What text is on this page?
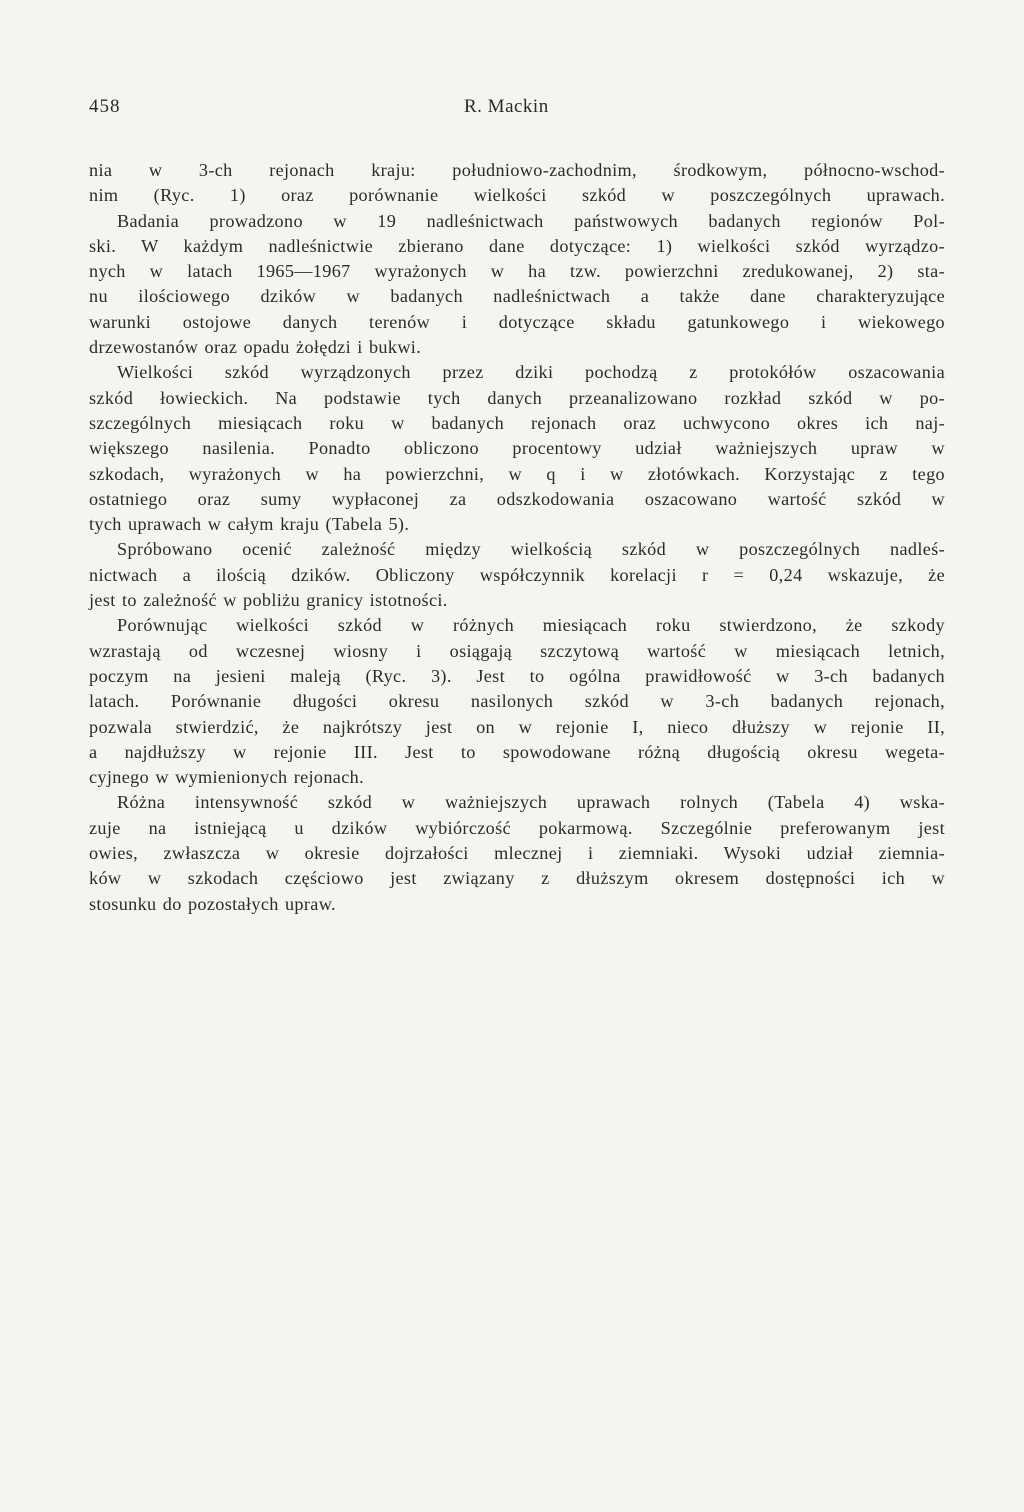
458	R. Mackin
nia w 3-ch rejonach kraju: południowo-zachodnim, środkowym, północno-wschod-
nim (Ryc. 1) oraz porównanie wielkości szkód w poszczególnych uprawach.
Badania prowadzono w 19 nadleśnictwach państwowych badanych regionów Pol-
ski. W każdym nadleśnictwie zbierano dane dotyczące: 1) wielkości szkód wyrządzo-
nych w latach 1965—1967 wyrażonych w ha tzw. powierzchni zredukowanej, 2) sta-
nu ilościowego dzików w badanych nadleśnictwach a także dane charakteryzujące
warunki ostojowe danych terenów i dotyczące składu gatunkowego i wiekowego
drzewostanów oraz opadu żołędzi i bukwi.
Wielkości szkód wyrządzonych przez dziki pochodzą z protokółów oszacowania
szkód łowieckich. Na podstawie tych danych przeanalizowano rozkład szkód w po-
szczególnych miesiącach roku w badanych rejonach oraz uchwycono okres ich naj-
większego nasilenia. Ponadto obliczono procentowy udział ważniejszych upraw w
szkodach, wyrażonych w ha powierzchni, w q i w złotówkach. Korzystając z tego
ostatniego oraz sumy wypłaconej za odszkodowania oszacowano wartość szkód w
tych uprawach w całym kraju (Tabela 5).
Spróbowano ocenić zależność między wielkością szkód w poszczególnych nadleś-
nictwach a ilością dzików. Obliczony współczynnik korelacji r = 0,24 wskazuje, że
jest to zależność w pobliżu granicy istotności.
Porównując wielkości szkód w różnych miesiącach roku stwierdzono, że szkody
wzrastają od wczesnej wiosny i osiągają szczytową wartość w miesiącach letnich,
poczym na jesieni maleją (Ryc. 3). Jest to ogólna prawidłowość w 3-ch badanych
latach. Porównanie długości okresu nasilonych szkód w 3-ch badanych rejonach,
pozwala stwierdzić, że najkrótszy jest on w rejonie I, nieco dłuższy w rejonie II,
a najdłuższy w rejonie III. Jest to spowodowane różną długością okresu wegeta-
cyjnego w wymienionych rejonach.
Różna intensywność szkód w ważniejszych uprawach rolnych (Tabela 4) wska-
zuje na istniejącą u dzików wybiórczość pokarmową. Szczególnie preferowanym jest
owies, zwłaszcza w okresie dojrzałości mlecznej i ziemniaki. Wysoki udział ziemnia-
ków w szkodach częściowo jest związany z dłuższym okresem dostępności ich w
stosunku do pozostałych upraw.
